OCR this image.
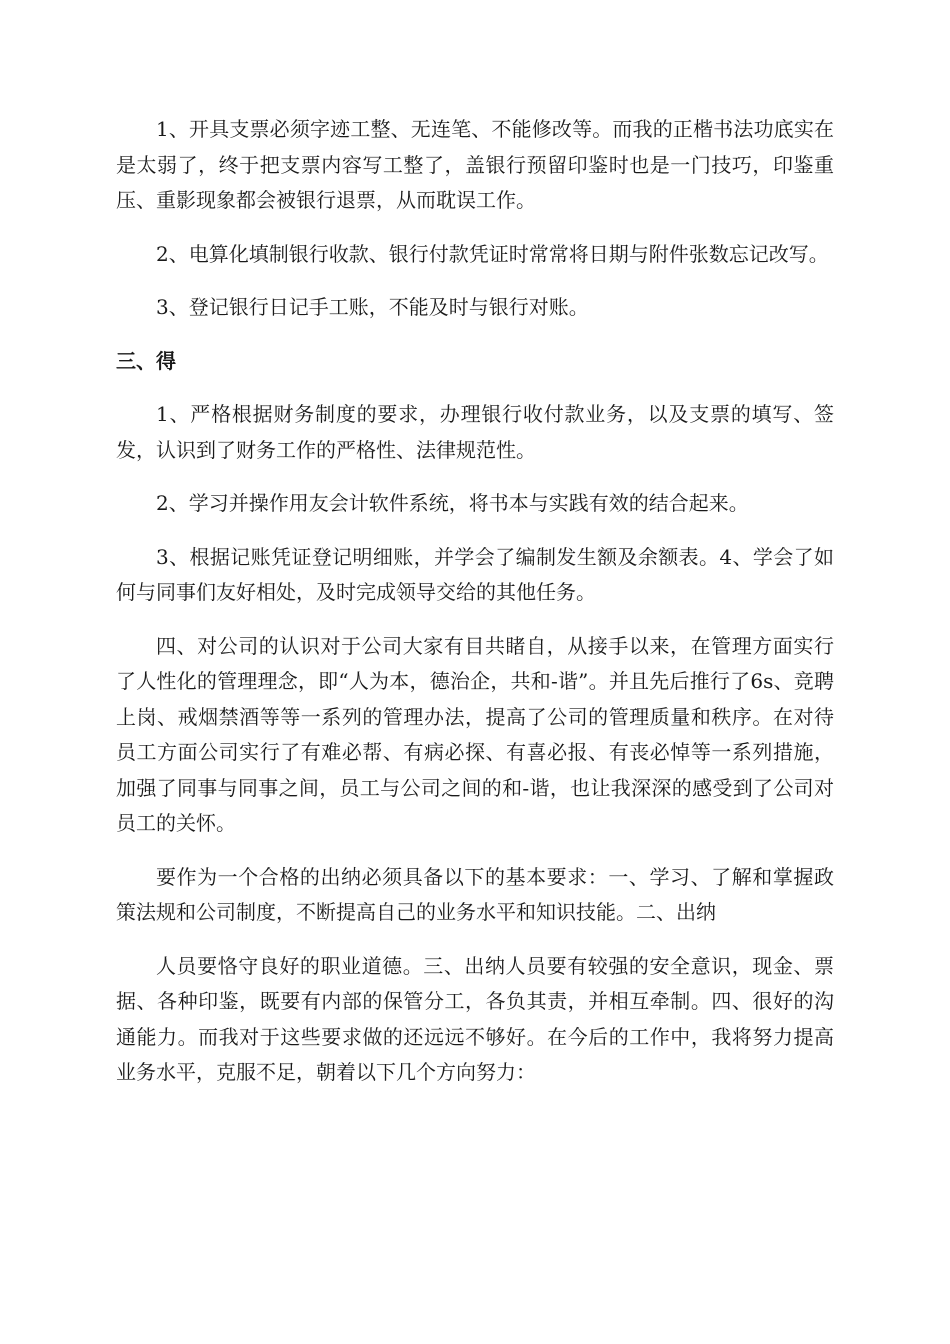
1、开具支票必须字迹工整、无连笔、不能修改等。而我的正楷书法功底实在是太弱了，终于把支票内容写工整了，盖银行预留印鉴时也是一门技巧，印鉴重压、重影现象都会被银行退票，从而耽误工作。

2、电算化填制银行收款、银行付款凭证时常常将日期与附件张数忘记改写。

3、登记银行日记手工账，不能及时与银行对账。

三、得

1、严格根据财务制度的要求，办理银行收付款业务，以及支票的填写、签发，认识到了财务工作的严格性、法律规范性。

2、学习并操作用友会计软件系统，将书本与实践有效的结合起来。

3、根据记账凭证登记明细账，并学会了编制发生额及余额表。4、学会了如何与同事们友好相处，及时完成领导交给的其他任务。

四、对公司的认识对于公司大家有目共睹自，从接手以来，在管理方面实行了人性化的管理理念，即“人为本，德治企，共和-谐”。并且先后推行了6s、竞聘上岗、戒烟禁酒等等一系列的管理办法，提高了公司的管理质量和秩序。在对待员工方面公司实行了有难必帮、有病必探、有喜必报、有丧必悼等一系列措施，加强了同事与同事之间，员工与公司之间的和-谐，也让我深深的感受到了公司对员工的关怀。

要作为一个合格的出纳必须具备以下的基本要求：一、学习、了解和掌握政策法规和公司制度，不断提高自己的业务水平和知识技能。二、出纳

人员要恪守良好的职业道德。三、出纳人员要有较强的安全意识，现金、票据、各种印鉴，既要有内部的保管分工，各负其责，并相互牵制。四、很好的沟通能力。而我对于这些要求做的还远远不够好。在今后的工作中，我将努力提高业务水平，克服不足，朝着以下几个方向努力：
